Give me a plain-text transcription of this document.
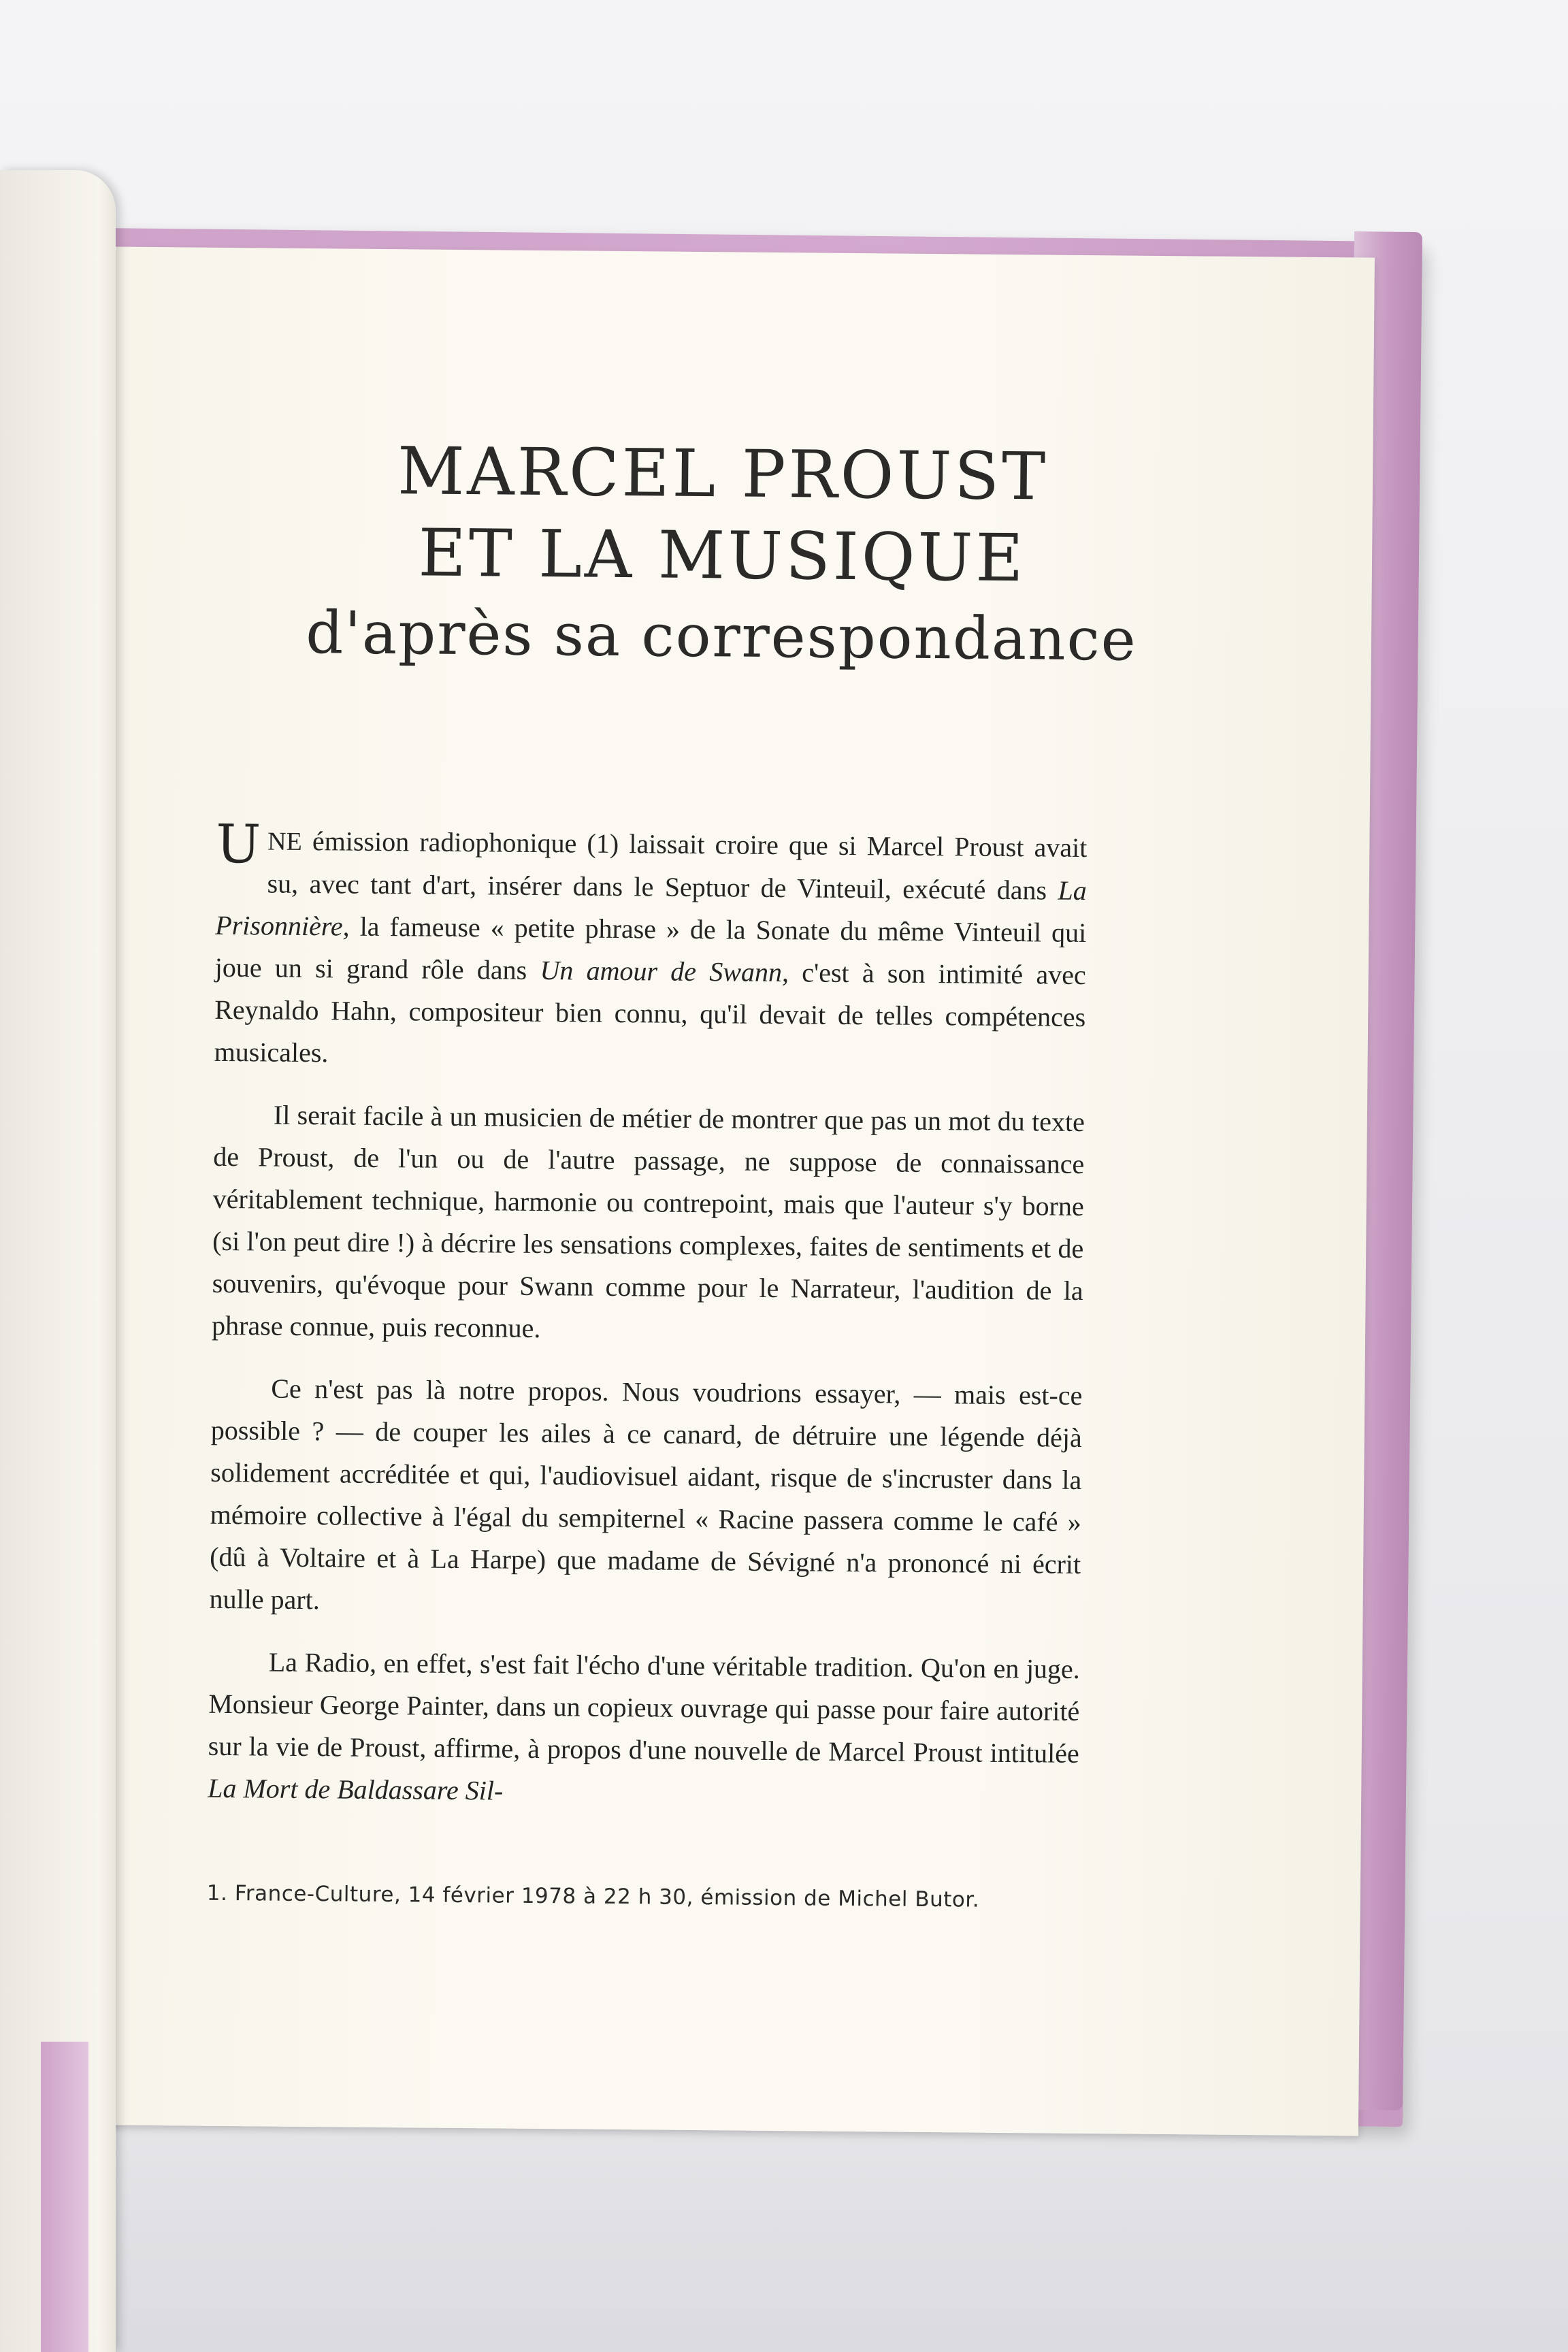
MARCEL PROUST
ET LA MUSIQUE
d'après sa correspondance

UNE émission radiophonique (1) laissait croire que si Marcel Proust avait su, avec tant d'art, insérer dans le Septuor de Vinteuil, exécuté dans La Prisonnière, la fameuse « petite phrase » de la Sonate du même Vinteuil qui joue un si grand rôle dans Un amour de Swann, c'est à son intimité avec Reynaldo Hahn, compositeur bien connu, qu'il devait de telles compétences musicales.

Il serait facile à un musicien de métier de montrer que pas un mot du texte de Proust, de l'un ou de l'autre passage, ne suppose de connaissance véritablement technique, harmonie ou contrepoint, mais que l'auteur s'y borne (si l'on peut dire !) à décrire les sensations complexes, faites de sentiments et de souvenirs, qu'évoque pour Swann comme pour le Narrateur, l'audition de la phrase connue, puis reconnue.

Ce n'est pas là notre propos. Nous voudrions essayer, — mais est-ce possible ? — de couper les ailes à ce canard, de détruire une légende déjà solidement accréditée et qui, l'audiovisuel aidant, risque de s'incruster dans la mémoire collective à l'égal du sempiternel « Racine passera comme le café » (dû à Voltaire et à La Harpe) que madame de Sévigné n'a prononcé ni écrit nulle part.

La Radio, en effet, s'est fait l'écho d'une véritable tradition. Qu'on en juge. Monsieur George Painter, dans un copieux ouvrage qui passe pour faire autorité sur la vie de Proust, affirme, à propos d'une nouvelle de Marcel Proust intitulée La Mort de Baldassare Sil-

1. France-Culture, 14 février 1978 à 22 h 30, émission de Michel Butor.
